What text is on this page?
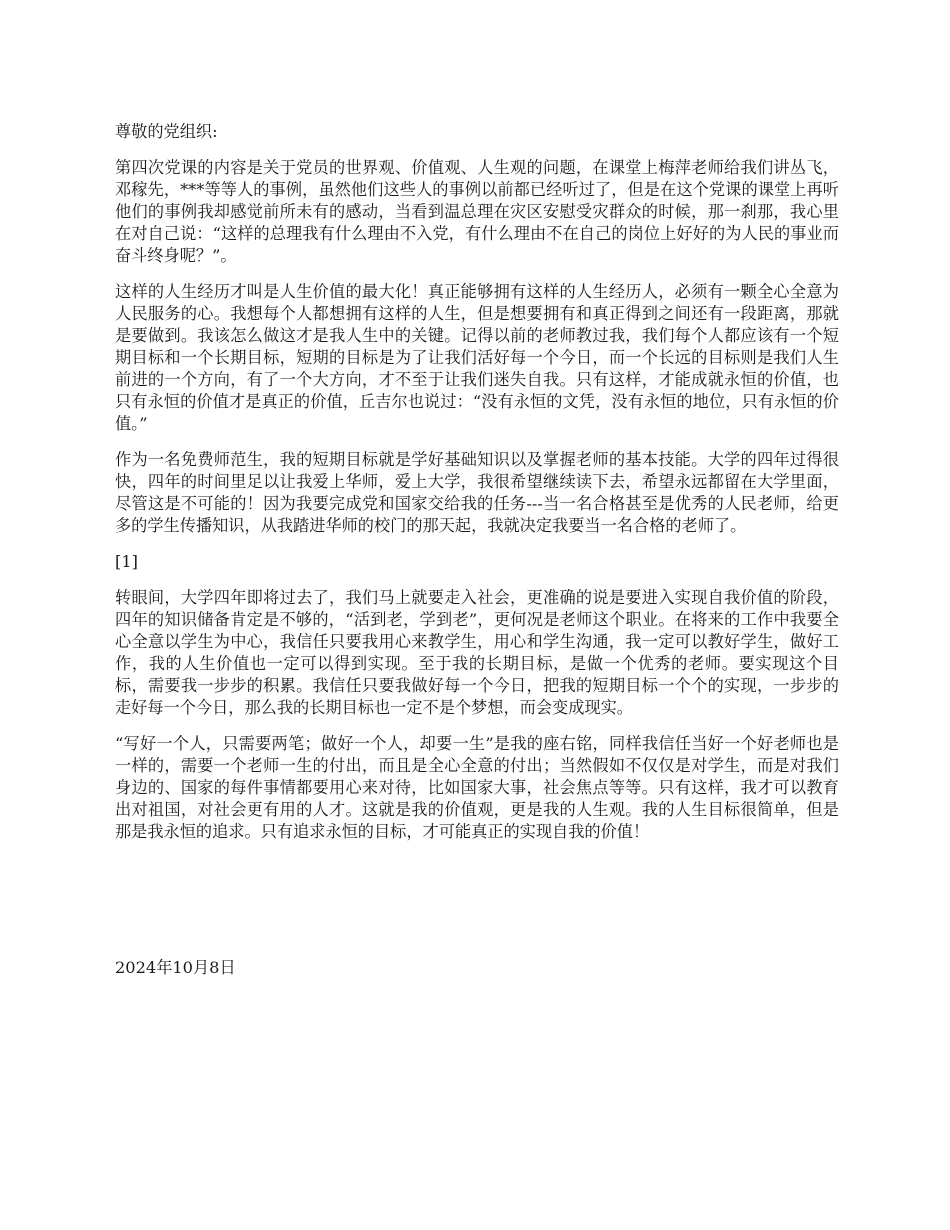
尊敬的党组织:

第四次党课的内容是关于党员的世界观、价值观、人生观的问题，在课堂上梅萍老师给我们讲丛飞，邓稼先，***等等人的事例，虽然他们这些人的事例以前都已经听过了，但是在这个党课的课堂上再听他们的事例我却感觉前所未有的感动，当看到温总理在灾区安慰受灾群众的时候，那一刹那，我心里在对自己说：“这样的总理我有什么理由不入党，有什么理由不在自己的岗位上好好的为人民的事业而奋斗终身呢？”。

这样的人生经历才叫是人生价值的最大化！真正能够拥有这样的人生经历人，必须有一颗全心全意为人民服务的心。我想每个人都想拥有这样的人生，但是想要拥有和真正得到之间还有一段距离，那就是要做到。我该怎么做这才是我人生中的关键。记得以前的老师教过我，我们每个人都应该有一个短期目标和一个长期目标，短期的目标是为了让我们活好每一个今日，而一个长远的目标则是我们人生前进的一个方向，有了一个大方向，才不至于让我们迷失自我。只有这样，才能成就永恒的价值，也只有永恒的价值才是真正的价值，丘吉尔也说过：“没有永恒的文凭，没有永恒的地位，只有永恒的价值。”

作为一名免费师范生，我的短期目标就是学好基础知识以及掌握老师的基本技能。大学的四年过得很快，四年的时间里足以让我爱上华师，爱上大学，我很希望继续读下去，希望永远都留在大学里面，尽管这是不可能的！因为我要完成党和国家交给我的任务---当一名合格甚至是优秀的人民老师，给更多的学生传播知识，从我踏进华师的校门的那天起，我就决定我要当一名合格的老师了。

[1]

转眼间，大学四年即将过去了，我们马上就要走入社会，更准确的说是要进入实现自我价值的阶段，四年的知识储备肯定是不够的，“活到老，学到老”，更何况是老师这个职业。在将来的工作中我要全心全意以学生为中心，我信任只要我用心来教学生，用心和学生沟通，我一定可以教好学生，做好工作，我的人生价值也一定可以得到实现。至于我的长期目标，是做一个优秀的老师。要实现这个目标，需要我一步步的积累。我信任只要我做好每一个今日，把我的短期目标一个个的实现，一步步的走好每一个今日，那么我的长期目标也一定不是个梦想，而会变成现实。

“写好一个人，只需要两笔；做好一个人，却要一生”是我的座右铭，同样我信任当好一个好老师也是一样的，需要一个老师一生的付出，而且是全心全意的付出；当然假如不仅仅是对学生，而是对我们身边的、国家的每件事情都要用心来对待，比如国家大事，社会焦点等等。只有这样，我才可以教育出对祖国，对社会更有用的人才。这就是我的价值观，更是我的人生观。我的人生目标很简单，但是那是我永恒的追求。只有追求永恒的目标，才可能真正的实现自我的价值！

2024年10月8日
